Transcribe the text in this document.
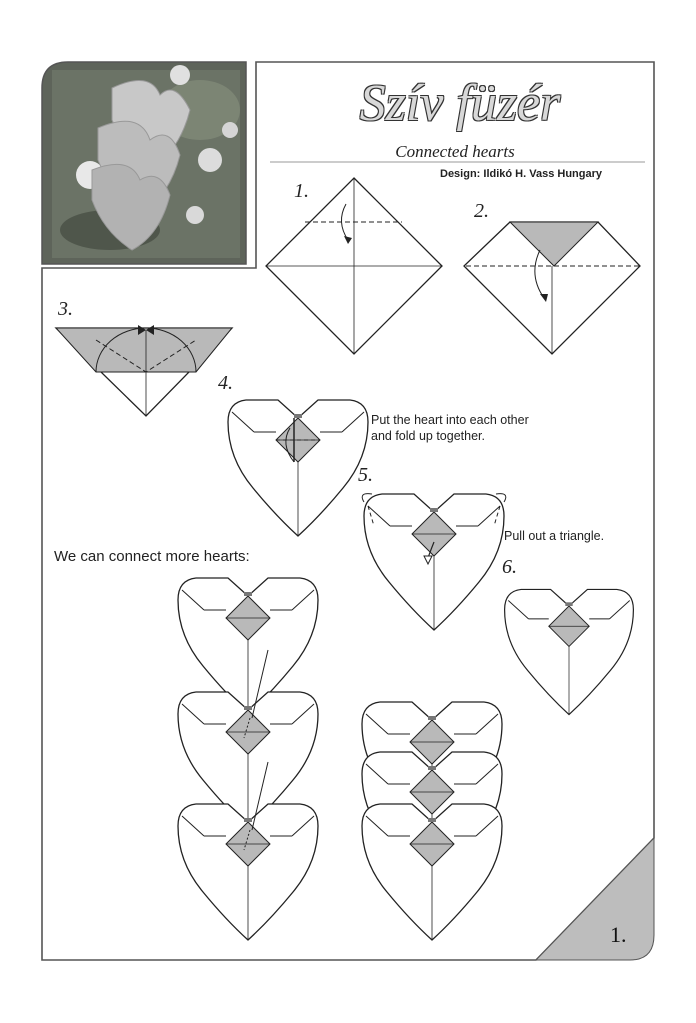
Szív füzér
Connected hearts
Design: Ildikó H. Vass Hungary
1.
2.
3.
4.
5.
6.
Put the heart into each other
and fold up together.
Pull out a triangle.
We can connect more hearts:
1.
